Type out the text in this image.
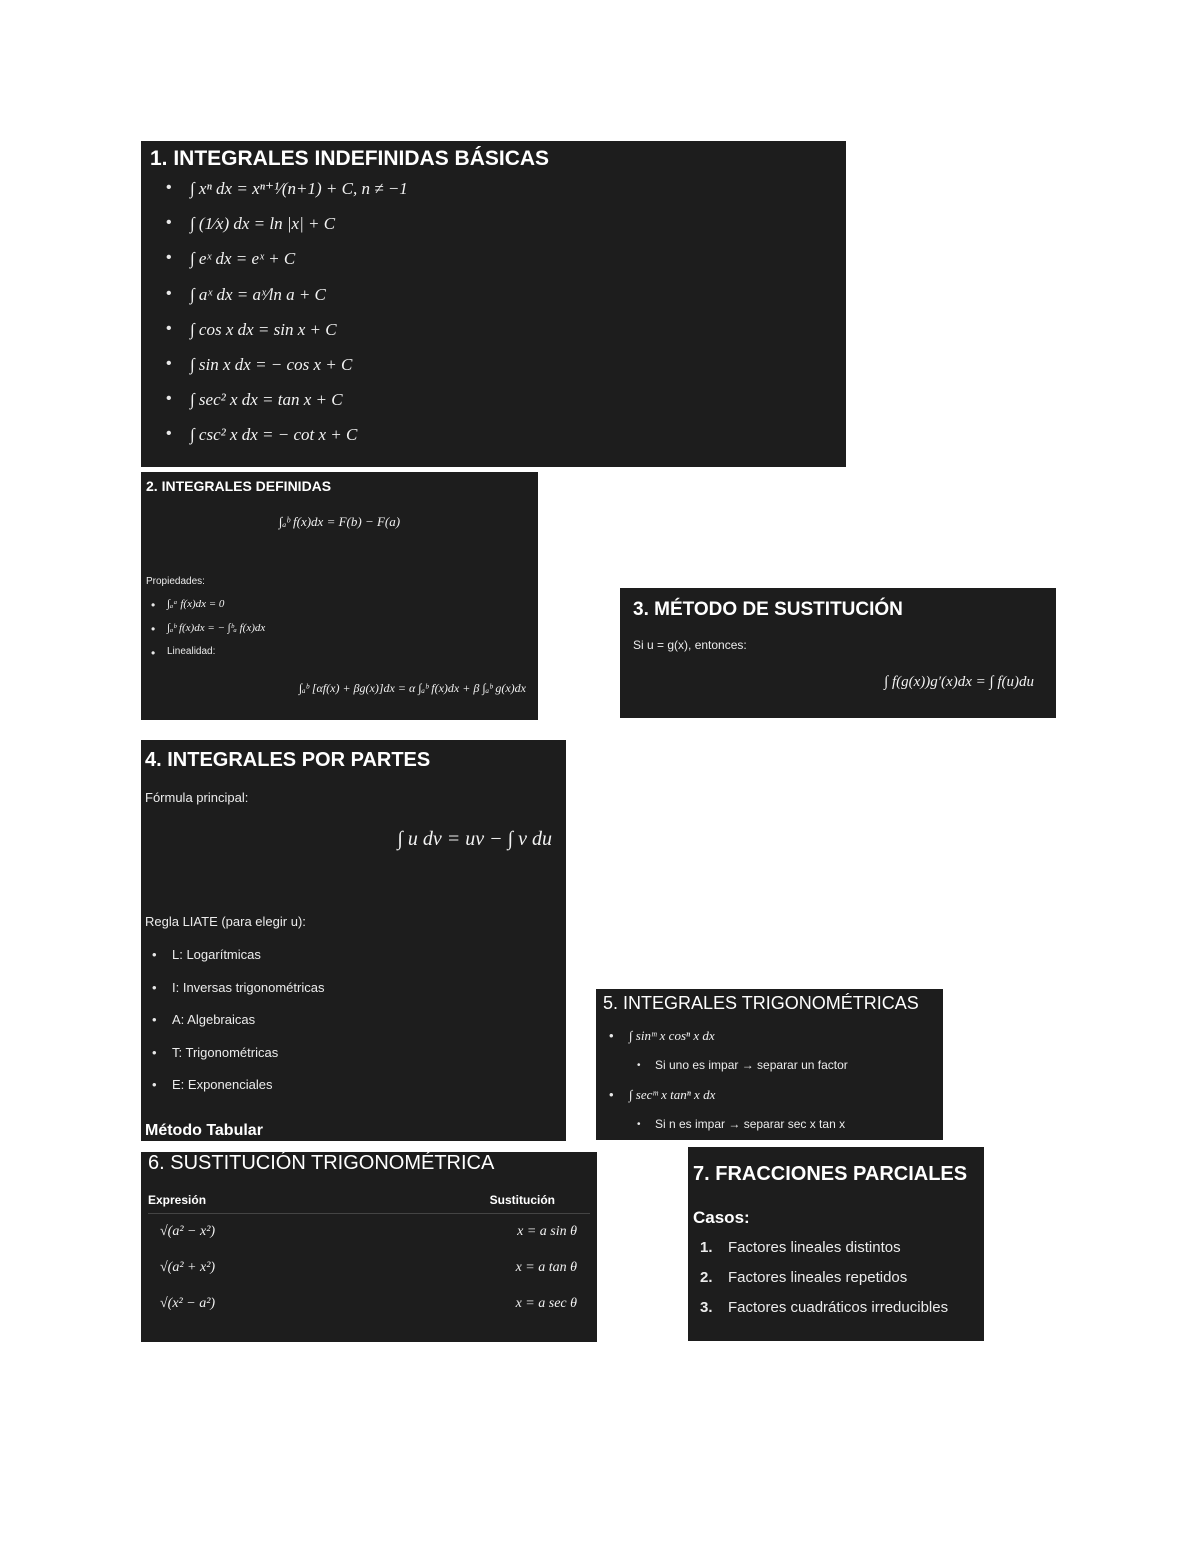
1. INTEGRALES INDEFINIDAS BÁSICAS
• ∫ xⁿ dx = xⁿ⁺¹⁄(n+1) + C, n ≠ −1
• ∫ (1⁄x) dx = ln |x| + C
• ∫ eˣ dx = eˣ + C
• ∫ aˣ dx = aˣ⁄ln a + C
• ∫ cos x dx = sin x + C
• ∫ sin x dx = − cos x + C
• ∫ sec² x dx = tan x + C
• ∫ csc² x dx = − cot x + C
2. INTEGRALES DEFINIDAS
∫ₐᵇ f(x)dx = F(b) − F(a)
Propiedades:
• ∫ₐᵃ f(x)dx = 0
• ∫ₐᵇ f(x)dx = − ∫ᵇₐ f(x)dx
• Linealidad:
∫ₐᵇ [αf(x) + βg(x)]dx = α ∫ₐᵇ f(x)dx + β ∫ₐᵇ g(x)dx
3. MÉTODO DE SUSTITUCIÓN
Si u = g(x), entonces:
∫ f(g(x))g′(x)dx = ∫ f(u)du
4. INTEGRALES POR PARTES
Fórmula principal:
∫ u dv = uv − ∫ v du
Regla LIATE (para elegir u):
• L: Logarítmicas
• I: Inversas trigonométricas
• A: Algebraicas
• T: Trigonométricas
• E: Exponenciales
Método Tabular
5. INTEGRALES TRIGONOMÉTRICAS
• ∫ sinᵐ x cosⁿ x dx
• Si uno es impar → separar un factor
• ∫ secᵐ x tanⁿ x dx
• Si n es impar → separar sec x tan x
6. SUSTITUCIÓN TRIGONOMÉTRICA
Expresión	Sustitución
√(a² − x²)	x = a sin θ
√(a² + x²)	x = a tan θ
√(x² − a²)	x = a sec θ
7. FRACCIONES PARCIALES
Casos:
1. Factores lineales distintos
2. Factores lineales repetidos
3. Factores cuadráticos irreducibles
